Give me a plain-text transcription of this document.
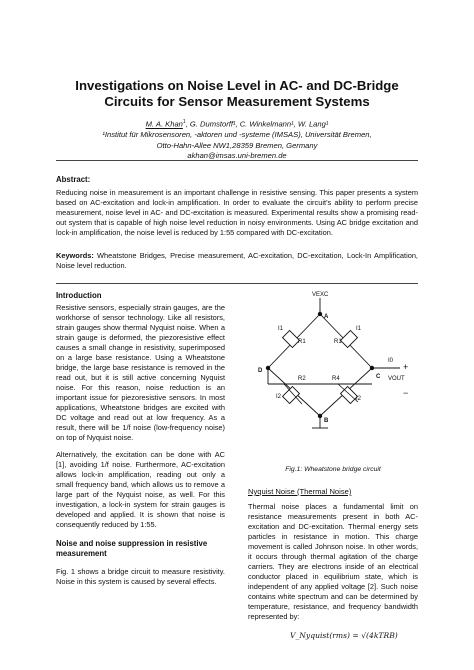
Investigations on Noise Level in AC- and DC-Bridge
Circuits for Sensor Measurement Systems
M. A. Khan$^1$, G. Dumstorff¹, C. Winkelmann¹, W. Lang¹
¹Institut für Mikrosensoren, -aktoren und -systeme (IMSAS), Universität Bremen,
Otto-Hahn-Allee NW1,28359 Bremen, Germany
akhan@imsas.uni-bremen.de
Abstract:
Reducing noise in measurement is an important challenge in resistive sensing. This paper presents a system based on AC-excitation and lock-in amplification. In order to evaluate the circuit’s ability to perform precise measurement, noise level in AC- and DC-excitation is measured. Experimental results show a promising read-out system that is capable of high noise level reduction in noisy environments. Using AC bridge excitation and lock-in amplification, the noise level is reduced by 1:55 compared with DC-excitation.
Keywords: Wheatstone Bridges, Precise measurement, AC-excitation, DC-excitation, Lock-In Amplification, Noise level reduction.
Introduction
Resistive sensors, especially strain gauges, are the workhorse of sensor technology. Like all resistors, strain gauges show thermal Nyquist noise. When a strain gauge is deformed, the piezoresistive effect causes a small change in resistivity, superimposed on a large base resistance. Using a Wheatstone bridge, the large base resistance is removed in the read out, but it is still active concerning Nyquist noise. For this reason, noise reduction is an important issue for piezoresistive sensors. In most applications, Wheatstone bridges are excited with DC voltage and read out at low frequency. As a result, there will be 1/f noise (low-frequency noise) on top of Nyquist noise.
Alternatively, the excitation can be done with AC [1], avoiding 1/f noise. Furthermore, AC-excitation allows lock-in amplification, reading out only a small frequency band, which allows us to remove a large part of the Nyquist noise, as well. For this investigation, a lock-in system for strain gauges is developed and applied. It is shown that noise is consequently reduced by 1:55.
Noise and noise suppression in resistive measurement
Fig. 1 shows a bridge circuit to measure resistivity. Noise in this system is caused by several effects.
VEXC
A
B
C
D
R1	R1
R2	R4
I1	I1
I2	I2
I0
VOUT
+
−
Fig.1: Wheatstone bridge circuit
Nyquist Noise (Thermal Noise)
Thermal noise places a fundamental limit on resistance measurements present in both AC-excitation and DC-excitation. Thermal energy sets particles in resistance in motion. This charge movement is called Johnson noise. In other words, it occurs through thermal agitation of the charge carriers. They are electrons inside of an electrical conductor placed in equilibrium state, which is independent of any applied voltage [2]. Such noise contains white spectrum and can be determined by temperature, resistance, and frequency bandwidth represented by:
V_Nyquist(rms) = √(4kTRB)
